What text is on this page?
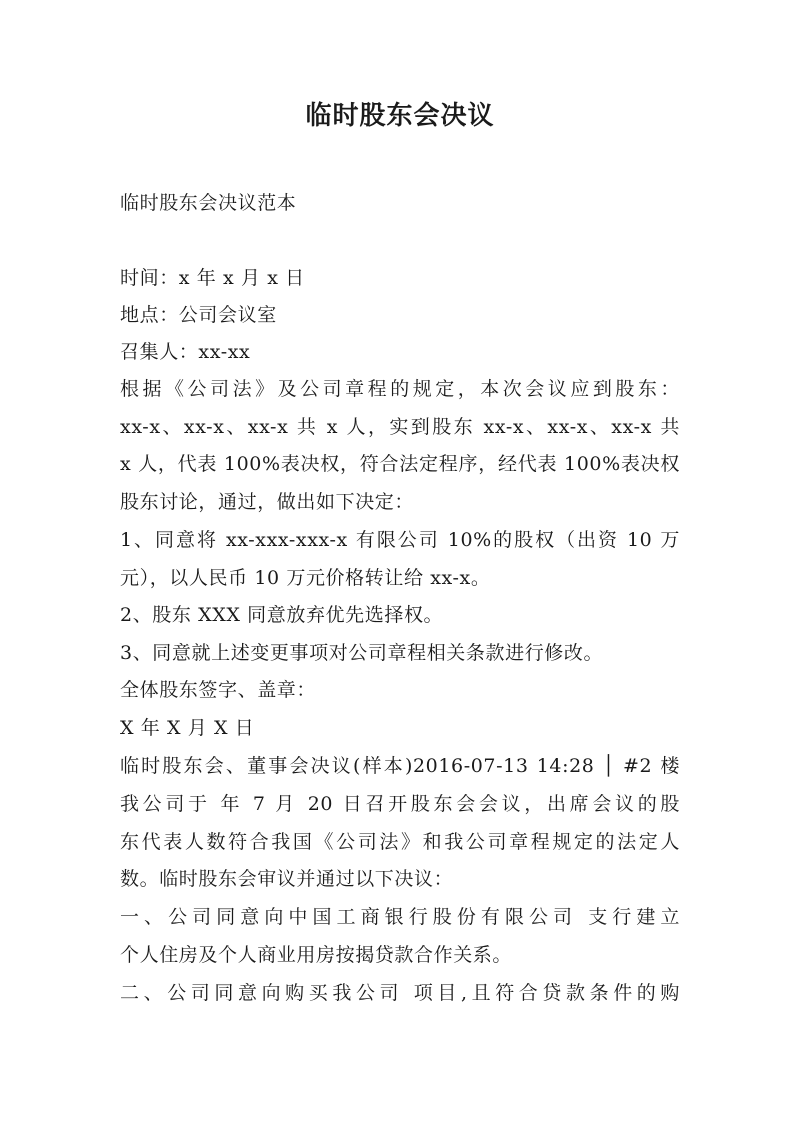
临时股东会决议
临时股东会决议范本
时间：x 年 x 月 x 日
地点：公司会议室
召集人：xx-xx
根据《公司法》及公司章程的规定，本次会议应到股东：
xx-x、xx-x、xx-x 共 x 人，实到股东 xx-x、xx-x、xx-x 共
x 人，代表 100%表决权，符合法定程序，经代表 100%表决权
股东讨论，通过，做出如下决定：
1、同意将 xx-xxx-xxx-x 有限公司 10%的股权（出资 10 万
元），以人民币 10 万元价格转让给 xx-x。
2、股东 XXX 同意放弃优先选择权。
3、同意就上述变更事项对公司章程相关条款进行修改。
全体股东签字、盖章：
X 年 X 月 X 日
临时股东会、董事会决议(样本)2016-07-13 14:28 │ #2 楼
我公司于 年 7 月 20 日召开股东会会议，出席会议的股
东代表人数符合我国《公司法》和我公司章程规定的法定人
数。临时股东会审议并通过以下决议：
一、公司同意向中国工商银行股份有限公司 支行建立
个人住房及个人商业用房按揭贷款合作关系。
二、公司同意向购买我公司 项目,且符合贷款条件的购
